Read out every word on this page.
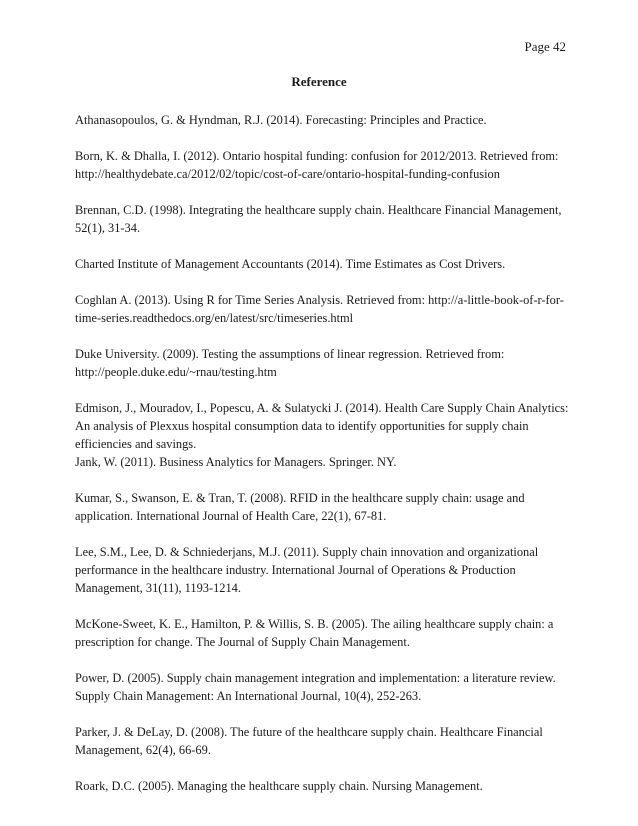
Page 42
Reference
Athanasopoulos, G. & Hyndman, R.J. (2014). Forecasting: Principles and Practice.
Born, K. & Dhalla, I. (2012). Ontario hospital funding: confusion for 2012/2013. Retrieved from: http://healthydebate.ca/2012/02/topic/cost-of-care/ontario-hospital-funding-confusion
Brennan, C.D. (1998). Integrating the healthcare supply chain. Healthcare Financial Management, 52(1), 31-34.
Charted Institute of Management Accountants (2014). Time Estimates as Cost Drivers.
Coghlan A. (2013). Using R for Time Series Analysis. Retrieved from: http://a-little-book-of-r-for-time-series.readthedocs.org/en/latest/src/timeseries.html
Duke University. (2009). Testing the assumptions of linear regression. Retrieved from: http://people.duke.edu/~rnau/testing.htm
Edmison, J., Mouradov, I., Popescu, A. & Sulatycki J. (2014). Health Care Supply Chain Analytics: An analysis of Plexxus hospital consumption data to identify opportunities for supply chain efficiencies and savings.
Jank, W. (2011). Business Analytics for Managers. Springer. NY.
Kumar, S., Swanson, E. & Tran, T. (2008). RFID in the healthcare supply chain: usage and application. International Journal of Health Care, 22(1), 67-81.
Lee, S.M., Lee, D. & Schniederjans, M.J. (2011). Supply chain innovation and organizational performance in the healthcare industry. International Journal of Operations & Production Management, 31(11), 1193-1214.
McKone-Sweet, K. E., Hamilton, P. & Willis, S. B. (2005). The ailing healthcare supply chain: a prescription for change. The Journal of Supply Chain Management.
Power, D. (2005). Supply chain management integration and implementation: a literature review. Supply Chain Management: An International Journal, 10(4), 252-263.
Parker, J. & DeLay, D. (2008). The future of the healthcare supply chain. Healthcare Financial Management, 62(4), 66-69.
Roark, D.C. (2005). Managing the healthcare supply chain. Nursing Management.
